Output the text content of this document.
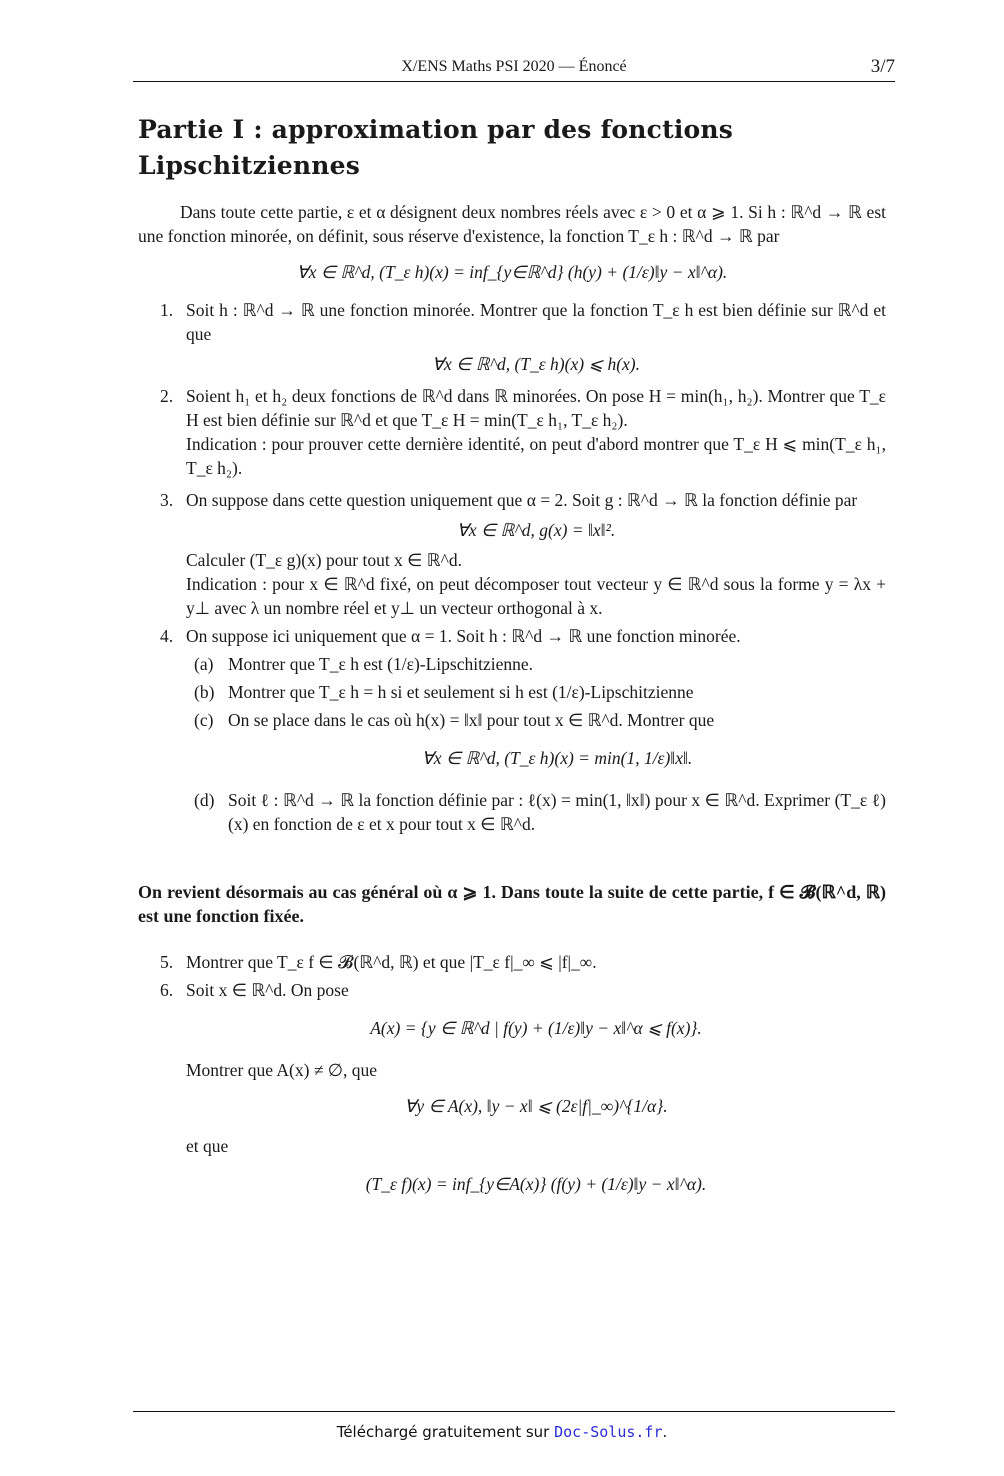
X/ENS Maths PSI 2020 — Énoncé	3/7
Partie I : approximation par des fonctions Lipschitziennes

Dans toute cette partie, ε et α désignent deux nombres réels avec ε > 0 et α ⩾ 1. Si h : ℝ^d → ℝ est une fonction minorée, on définit, sous réserve d'existence, la fonction T_ε h : ℝ^d → ℝ par

∀x ∈ ℝ^d, (T_ε h)(x) = inf_{y∈ℝ^d} (h(y) + (1/ε)‖y − x‖^α).
1. Soit h : ℝ^d → ℝ une fonction minorée. Montrer que la fonction T_ε h est bien définie sur ℝ^d et que

∀x ∈ ℝ^d, (T_ε h)(x) ⩽ h(x).
2. Soient h₁ et h₂ deux fonctions de ℝ^d dans ℝ minorées. On pose H = min(h₁, h₂). Montrer que T_ε H est bien définie sur ℝ^d et que T_ε H = min(T_ε h₁, T_ε h₂).

Indication : pour prouver cette dernière identité, on peut d'abord montrer que T_ε H ⩽ min(T_ε h₁, T_ε h₂).

3. On suppose dans cette question uniquement que α = 2. Soit g : ℝ^d → ℝ la fonction définie par

∀x ∈ ℝ^d, g(x) = ‖x‖².

Calculer (T_ε g)(x) pour tout x ∈ ℝ^d.

Indication : pour x ∈ ℝ^d fixé, on peut décomposer tout vecteur y ∈ ℝ^d sous la forme y = λx + y⊥ avec λ un nombre réel et y⊥ un vecteur orthogonal à x.

4. On suppose ici uniquement que α = 1. Soit h : ℝ^d → ℝ une fonction minorée.

(a) Montrer que T_ε h est (1/ε)-Lipschitzienne.

(b) Montrer que T_ε h = h si et seulement si h est (1/ε)-Lipschitzienne

(c) On se place dans le cas où h(x) = ‖x‖ pour tout x ∈ ℝ^d. Montrer que

∀x ∈ ℝ^d, (T_ε h)(x) = min(1, 1/ε)‖x‖.
(d) Soit ℓ : ℝ^d → ℝ la fonction définie par : ℓ(x) = min(1, ‖x‖) pour x ∈ ℝ^d. Exprimer (T_ε ℓ)(x) en fonction de ε et x pour tout x ∈ ℝ^d.

On revient désormais au cas général où α ⩾ 1. Dans toute la suite de cette partie, f ∈ 𝓑(ℝ^d, ℝ) est une fonction fixée.

5. Montrer que T_ε f ∈ 𝓑(ℝ^d, ℝ) et que |T_ε f|_∞ ⩽ |f|_∞.

6. Soit x ∈ ℝ^d. On pose

A(x) = {y ∈ ℝ^d | f(y) + (1/ε)‖y − x‖^α ⩽ f(x)}.

Montrer que A(x) ≠ ∅, que

∀y ∈ A(x), ‖y − x‖ ⩽ (2ε|f|_∞)^{1/α}.

et que

(T_ε f)(x) = inf_{y∈A(x)} (f(y) + (1/ε)‖y − x‖^α).
Téléchargé gratuitement sur Doc-Solus.fr.
